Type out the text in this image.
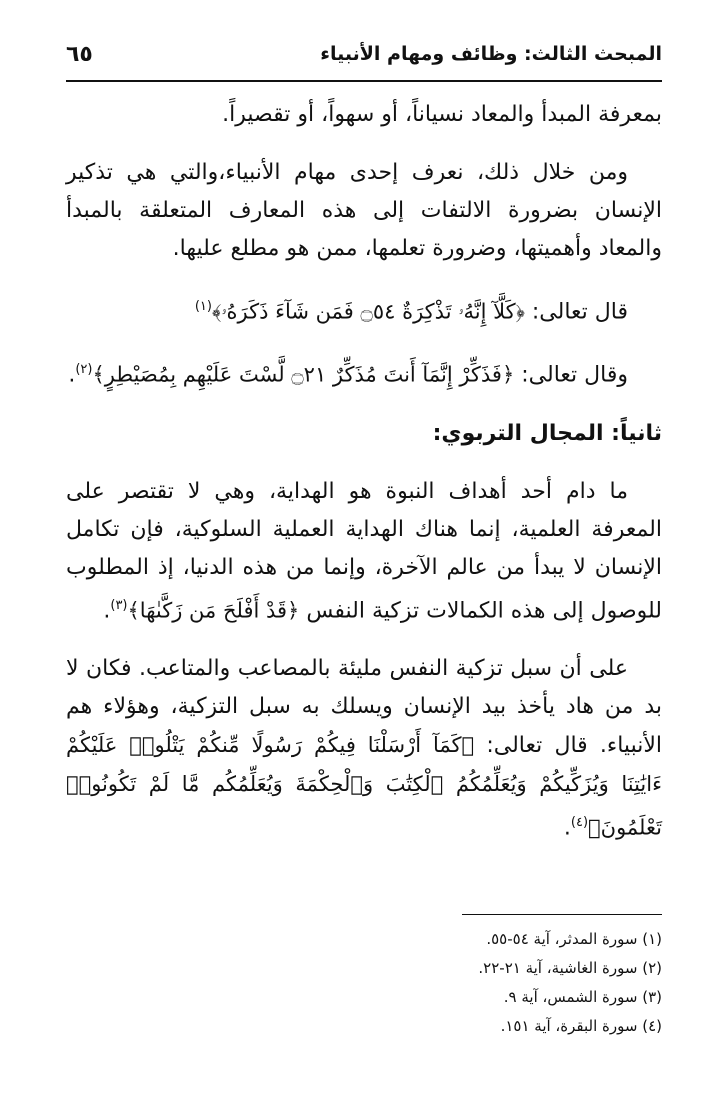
المبحث الثالث: وظائف ومهام الأنبياء
٦٥

بمعرفة المبدأ والمعاد نسياناً، أو سهواً، أو تقصيراً.

ومن خلال ذلك، نعرف إحدى مهام الأنبياء،والتي هي تذكير الإنسان بضرورة الالتفات إلى هذه المعارف المتعلقة بالمبدأ والمعاد وأهميتها، وضرورة تعلمها، ممن هو مطلع عليها.

قال تعالى: ﴿كَلَّآ إِنَّهُۥ تَذْكِرَةٌ ۝٥٤ فَمَن شَآءَ ذَكَرَهُۥ﴾$^{(١)}$

وقال تعالى: ﴿فَذَكِّرْ إِنَّمَآ أَنتَ مُذَكِّرٌ ۝٢١ لَّسْتَ عَلَيْهِم بِمُصَيْطِرٍ﴾$^{(٢)}$.

ثانياً: المجال التربوي:

ما دام أحد أهداف النبوة هو الهداية، وهي لا تقتصر على المعرفة العلمية، إنما هناك الهداية العملية السلوكية، فإن تكامل الإنسان لا يبدأ من عالم الآخرة، وإنما من هذه الدنيا، إذ المطلوب للوصول إلى هذه الكمالات تزكية النفس ﴿قَدْ أَفْلَحَ مَن زَكَّىٰهَا﴾$^{(٣)}$.

على أن سبل تزكية النفس مليئة بالمصاعب والمتاعب. فكان لا بد من هاد يأخذ بيد الإنسان ويسلك به سبل التزكية، وهؤلاء هم الأنبياء. قال تعالى: ﴿كَمَآ أَرْسَلْنَا فِيكُمْ رَسُولًا مِّنكُمْ يَتْلُوا۟ عَلَيْكُمْ ءَايَٰتِنَا وَيُزَكِّيكُمْ وَيُعَلِّمُكُمُ ٱلْكِتَٰبَ وَٱلْحِكْمَةَ وَيُعَلِّمُكُم مَّا لَمْ تَكُونُوا۟ تَعْلَمُونَ﴾$^{(٤)}$.

(١) سورة المدثر، آية ٥٤-٥٥.

(٢) سورة الغاشية، آية ٢١-٢٢.

(٣) سورة الشمس، آية ٩.

(٤) سورة البقرة، آية ١٥١.
